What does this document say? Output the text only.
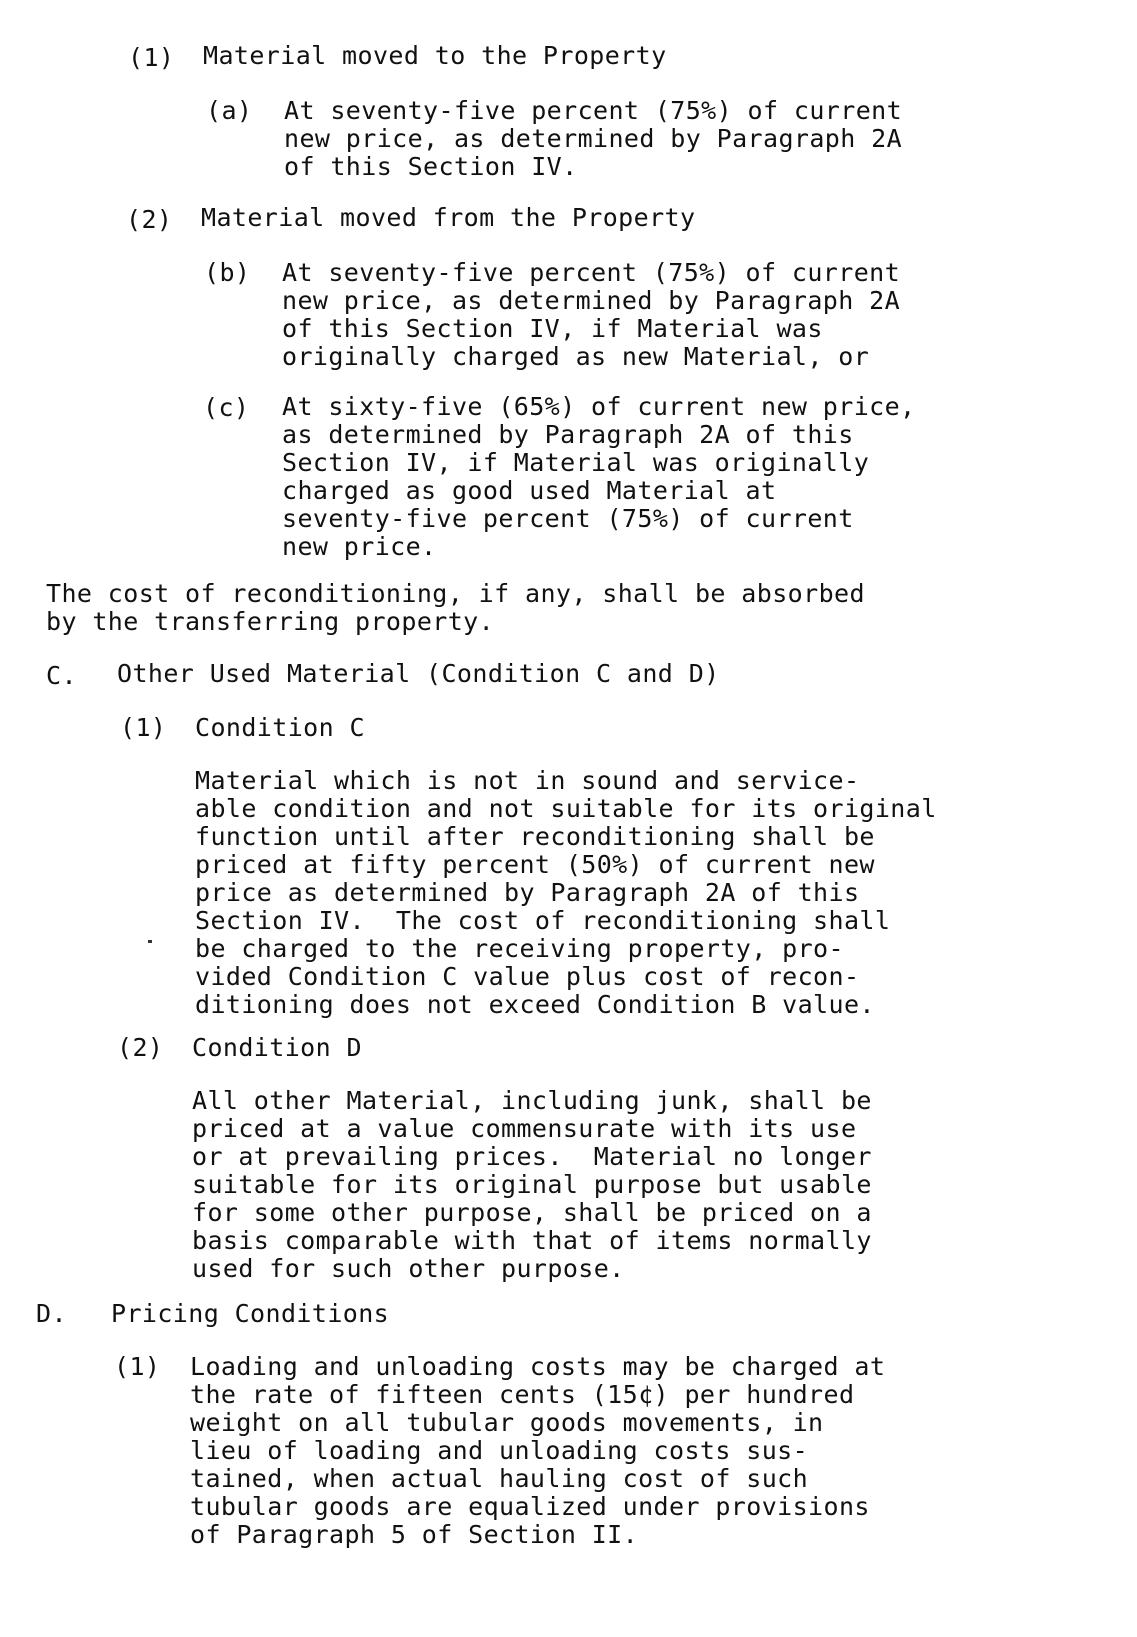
(1) Material moved to the Property
(a) At seventy-five percent (75%) of current
new price, as determined by Paragraph 2A
of this Section IV.
(2) Material moved from the Property
(b) At seventy-five percent (75%) of current
new price, as determined by Paragraph 2A
of this Section IV, if Material was
originally charged as new Material, or
(c) At sixty-five (65%) of current new price,
as determined by Paragraph 2A of this
Section IV, if Material was originally
charged as good used Material at
seventy-five percent (75%) of current
new price.
The cost of reconditioning, if any, shall be absorbed
by the transferring property.
C. Other Used Material (Condition C and D)
(1) Condition C
Material which is not in sound and service-
able condition and not suitable for its original
function until after reconditioning shall be
priced at fifty percent (50%) of current new
price as determined by Paragraph 2A of this
Section IV.  The cost of reconditioning shall
be charged to the receiving property, pro-
vided Condition C value plus cost of recon-
ditioning does not exceed Condition B value.
(2) Condition D
All other Material, including junk, shall be
priced at a value commensurate with its use
or at prevailing prices.  Material no longer
suitable for its original purpose but usable
for some other purpose, shall be priced on a
basis comparable with that of items normally
used for such other purpose.
D. Pricing Conditions
(1) Loading and unloading costs may be charged at
the rate of fifteen cents (15¢) per hundred
weight on all tubular goods movements, in
lieu of loading and unloading costs sus-
tained, when actual hauling cost of such
tubular goods are equalized under provisions
of Paragraph 5 of Section II.
